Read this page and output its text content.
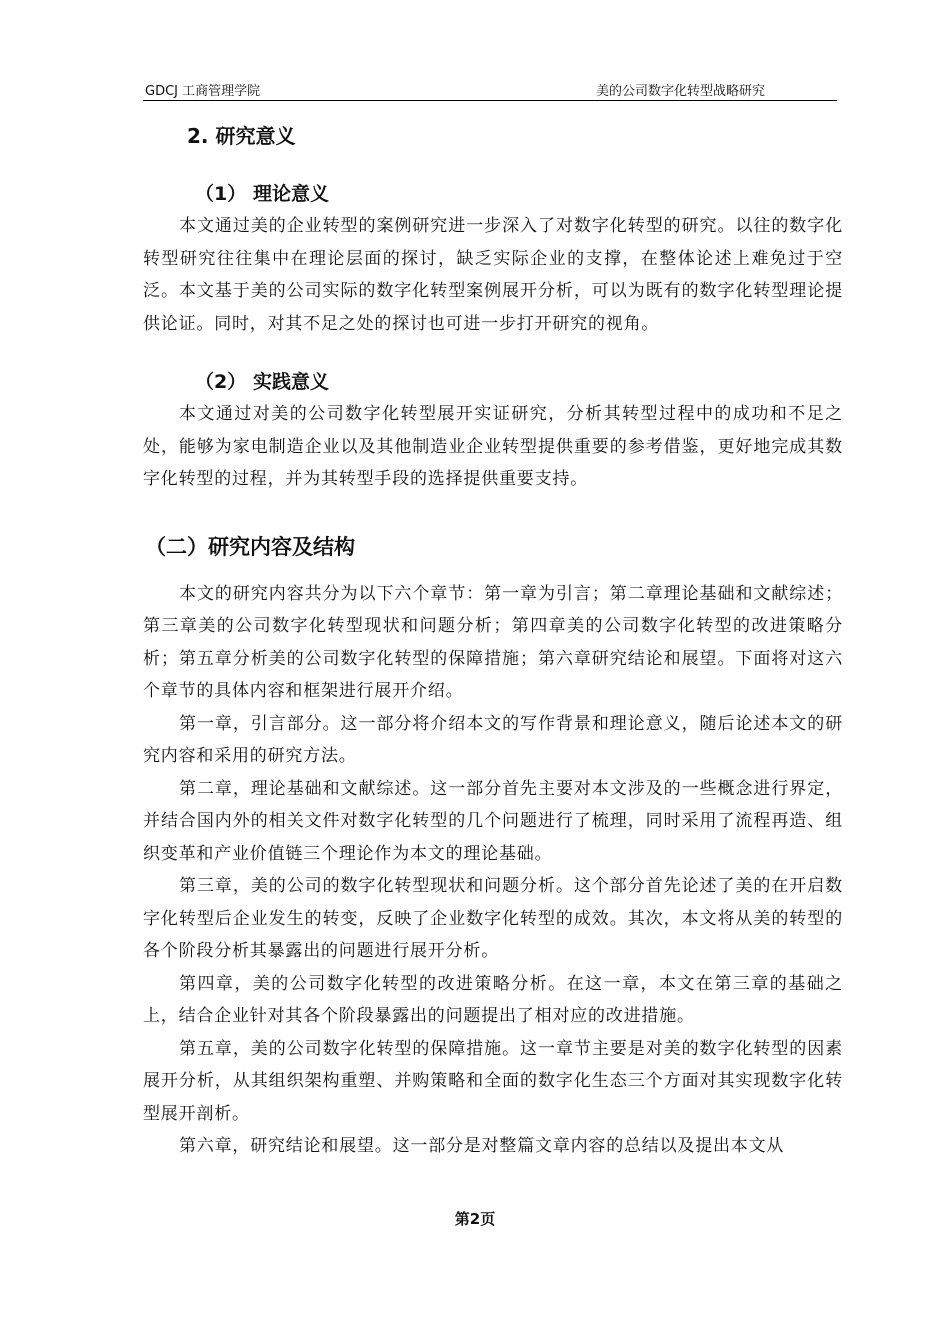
GDCJ 工商管理学院	美的公司数字化转型战略研究
2. 研究意义
（1） 理论意义

本文通过美的企业转型的案例研究进一步深入了对数字化转型的研究。以往的数字化转型研究往往集中在理论层面的探讨，缺乏实际企业的支撑，在整体论述上难免过于空泛。本文基于美的公司实际的数字化转型案例展开分析，可以为既有的数字化转型理论提供论证。同时，对其不足之处的探讨也可进一步打开研究的视角。

（2） 实践意义

本文通过对美的公司数字化转型展开实证研究，分析其转型过程中的成功和不足之处，能够为家电制造企业以及其他制造业企业转型提供重要的参考借鉴，更好地完成其数字化转型的过程，并为其转型手段的选择提供重要支持。

（二）研究内容及结构

本文的研究内容共分为以下六个章节：第一章为引言；第二章理论基础和文献综述；第三章美的公司数字化转型现状和问题分析；第四章美的公司数字化转型的改进策略分析；第五章分析美的公司数字化转型的保障措施；第六章研究结论和展望。下面将对这六个章节的具体内容和框架进行展开介绍。

第一章，引言部分。这一部分将介绍本文的写作背景和理论意义，随后论述本文的研究内容和采用的研究方法。

第二章，理论基础和文献综述。这一部分首先主要对本文涉及的一些概念进行界定，并结合国内外的相关文件对数字化转型的几个问题进行了梳理，同时采用了流程再造、组织变革和产业价值链三个理论作为本文的理论基础。

第三章，美的公司的数字化转型现状和问题分析。这个部分首先论述了美的在开启数字化转型后企业发生的转变，反映了企业数字化转型的成效。其次，本文将从美的转型的各个阶段分析其暴露出的问题进行展开分析。

第四章，美的公司数字化转型的改进策略分析。在这一章，本文在第三章的基础之上，结合企业针对其各个阶段暴露出的问题提出了相对应的改进措施。

第五章，美的公司数字化转型的保障措施。这一章节主要是对美的数字化转型的因素展开分析，从其组织架构重塑、并购策略和全面的数字化生态三个方面对其实现数字化转型展开剖析。

第六章，研究结论和展望。这一部分是对整篇文章内容的总结以及提出本文从

第2页
